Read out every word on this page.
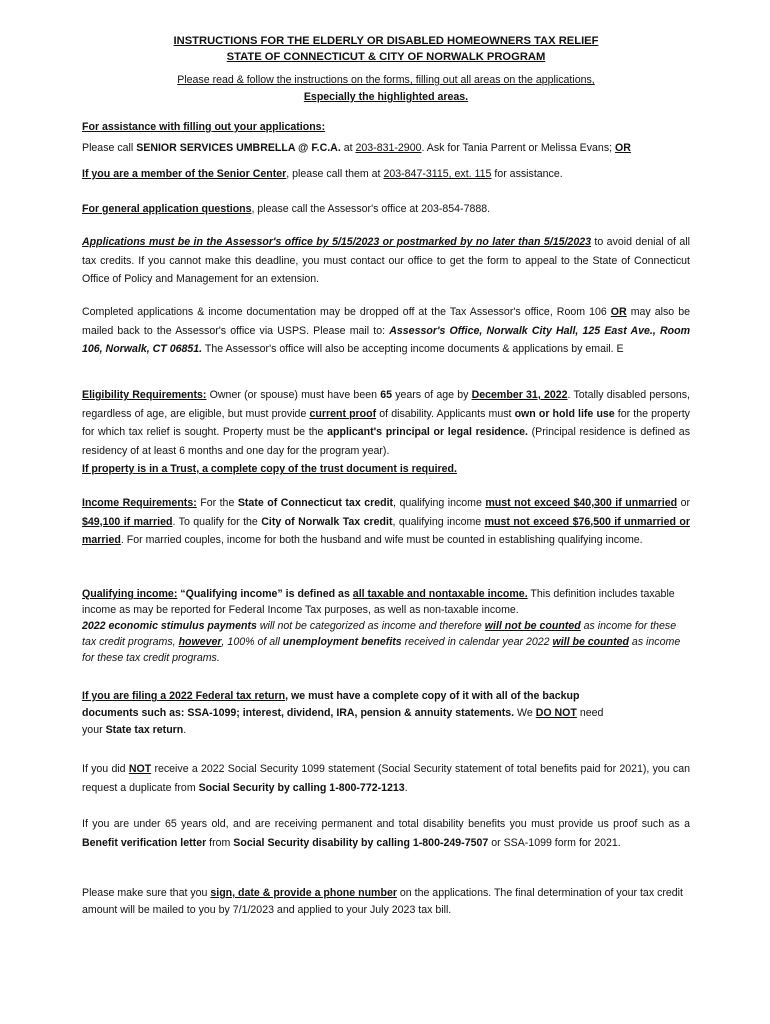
INSTRUCTIONS FOR THE ELDERLY OR DISABLED HOMEOWNERS TAX RELIEF
STATE OF CONNECTICUT & CITY OF NORWALK PROGRAM
Please read & follow the instructions on the forms, filling out all areas on the applications,
Especially the highlighted areas.
For assistance with filling out your applications:
Please call SENIOR SERVICES UMBRELLA @ F.C.A. at 203-831-2900. Ask for Tania Parrent or Melissa Evans; OR
If you are a member of the Senior Center, please call them at 203-847-3115, ext. 115 for assistance.
For general application questions, please call the Assessor's office at 203-854-7888.
Applications must be in the Assessor's office by 5/15/2023 or postmarked by no later than 5/15/2023 to avoid denial of all tax credits. If you cannot make this deadline, you must contact our office to get the form to appeal to the State of Connecticut Office of Policy and Management for an extension.
Completed applications & income documentation may be dropped off at the Tax Assessor's office, Room 106 OR may also be mailed back to the Assessor's office via USPS. Please mail to: Assessor's Office, Norwalk City Hall, 125 East Ave., Room 106, Norwalk, CT 06851. The Assessor's office will also be accepting income documents & applications by email. E
Eligibility Requirements: Owner (or spouse) must have been 65 years of age by December 31, 2022. Totally disabled persons, regardless of age, are eligible, but must provide current proof of disability. Applicants must own or hold life use for the property for which tax relief is sought. Property must be the applicant's principal or legal residence. (Principal residence is defined as residency of at least 6 months and one day for the program year).
If property is in a Trust, a complete copy of the trust document is required.
Income Requirements: For the State of Connecticut tax credit, qualifying income must not exceed $40,300 if unmarried or $49,100 if married. To qualify for the City of Norwalk Tax credit, qualifying income must not exceed $76,500 if unmarried or married. For married couples, income for both the husband and wife must be counted in establishing qualifying income.
Qualifying income: “Qualifying income” is defined as all taxable and nontaxable income. This definition includes taxable income as may be reported for Federal Income Tax purposes, as well as non-taxable income.
2022 economic stimulus payments will not be categorized as income and therefore will not be counted as income for these tax credit programs, however, 100% of all unemployment benefits received in calendar year 2022 will be counted as income for these tax credit programs.
If you are filing a 2022 Federal tax return, we must have a complete copy of it with all of the backup documents such as: SSA-1099; interest, dividend, IRA, pension & annuity statements. We DO NOT need your State tax return.
If you did NOT receive a 2022 Social Security 1099 statement (Social Security statement of total benefits paid for 2021), you can request a duplicate from Social Security by calling 1-800-772-1213.
If you are under 65 years old, and are receiving permanent and total disability benefits you must provide us proof such as a Benefit verification letter from Social Security disability by calling 1-800-249-7507 or SSA-1099 form for 2021.
Please make sure that you sign, date & provide a phone number on the applications. The final determination of your tax credit amount will be mailed to you by 7/1/2023 and applied to your July 2023 tax bill.
